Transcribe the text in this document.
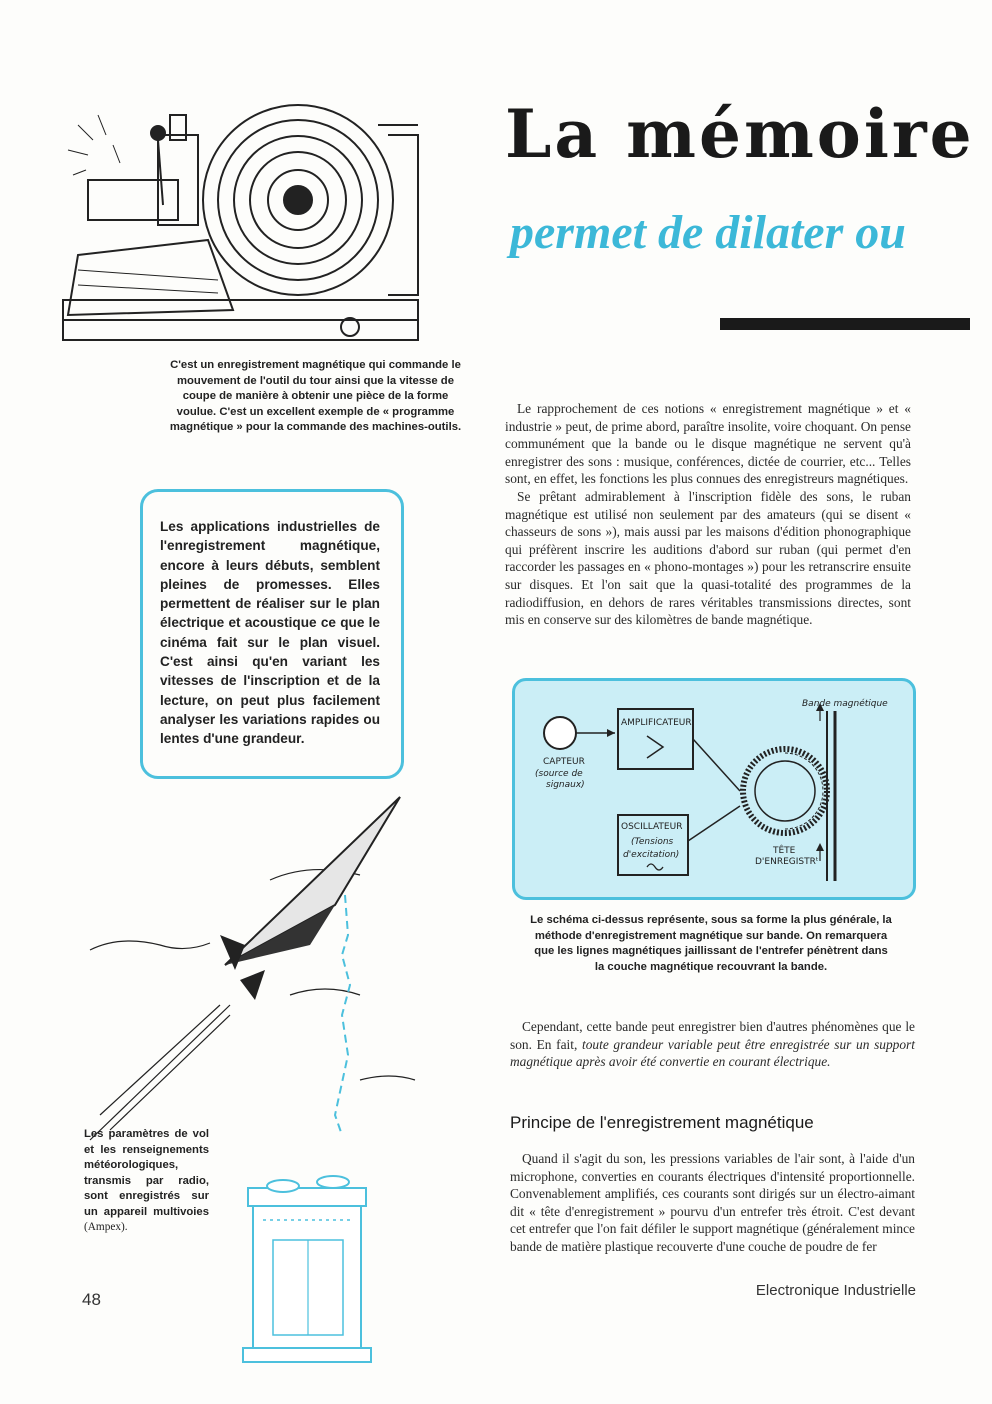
La mémoire
permet de dilater ou
C'est un enregistrement magnétique qui commande le mouvement de l'outil du tour ainsi que la vitesse de coupe de manière à obtenir une pièce de la forme voulue. C'est un excellent exemple de « programme magnétique » pour la commande des machines-outils.
Les applications industrielles de l'enregistrement magnétique, encore à leurs débuts, semblent pleines de promesses. Elles permettent de réaliser sur le plan électrique et acoustique ce que le cinéma fait sur le plan visuel. C'est ainsi qu'en variant les vitesses de l'inscription et de la lecture, on peut plus facilement analyser les variations rapides ou lentes d'une grandeur.

Le rapprochement de ces notions « enregistrement magnétique » et « industrie » peut, de prime abord, paraître insolite, voire choquant. On pense communément que la bande ou le disque magnétique ne servent qu'à enregistrer des sons : musique, conférences, dictée de courrier, etc... Telles sont, en effet, les fonctions les plus connues des enregistreurs magnétiques.

Se prêtant admirablement à l'inscription fidèle des sons, le ruban magnétique est utilisé non seulement par des amateurs (qui se disent « chasseurs de sons »), mais aussi par les maisons d'édition phonographique qui préfèrent inscrire les auditions d'abord sur ruban (qui permet d'en raccorder les passages en « phono-montages ») pour les retranscrire ensuite sur disques. Et l'on sait que la quasi-totalité des programmes de la radiodiffusion, en dehors de rares véritables transmissions directes, sont mis en conserve sur des kilomètres de bande magnétique.

CAPTEUR
(source de
signaux)
AMPLIFICATEUR
OSCILLATEUR
(Tensions
d'excitation)
Bande magnétique
TÊTE
D'ENREGISTRᵗ
Le schéma ci-dessus représente, sous sa forme la plus générale, la méthode d'enregistrement magnétique sur bande. On remarquera que les lignes magnétiques jaillissant de l'entrefer pénètrent dans la couche magnétique recouvrant la bande.
Les paramètres de vol et les renseignements météorologiques, transmis par radio, sont enregistrés sur un appareil multivoies (Ampex).

Cependant, cette bande peut enregistrer bien d'autres phénomènes que le son. En fait, toute grandeur variable peut être enregistrée sur un support magnétique après avoir été convertie en courant électrique.

Principe de l'enregistrement magnétique

Quand il s'agit du son, les pressions variables de l'air sont, à l'aide d'un microphone, converties en courants électriques d'intensité proportionnelle. Convenablement amplifiés, ces courants sont dirigés sur un électro-aimant dit « tête d'enregistrement » pourvu d'un entrefer très étroit. C'est devant cet entrefer que l'on fait défiler le support magnétique (généralement mince bande de matière plastique recouverte d'une couche de poudre de fer

48	Electronique Industrielle
